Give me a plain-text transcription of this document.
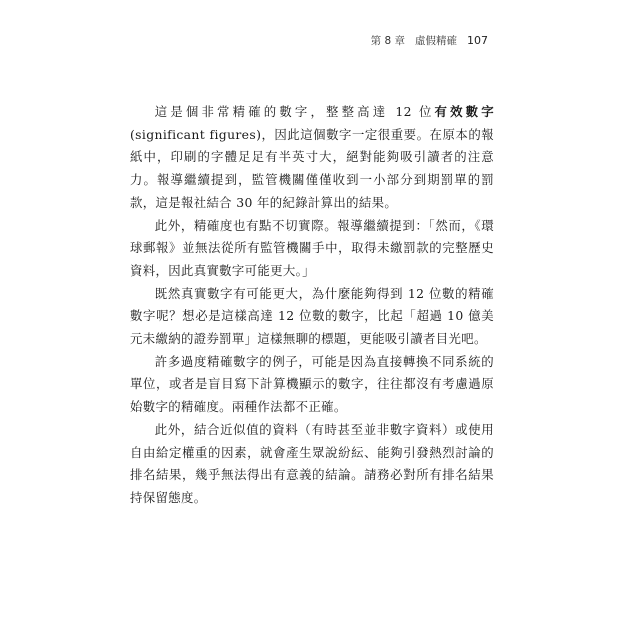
第 8 章 虛假精確 107

這是個非常精確的數字，整整高達 12 位有效數字(significant figures)，因此這個數字一定很重要。在原本的報紙中，印刷的字體足足有半英寸大，絕對能夠吸引讀者的注意力。報導繼續提到，監管機關僅僅收到一小部分到期罰單的罰款，這是報社結合 30 年的紀錄計算出的結果。

此外，精確度也有點不切實際。報導繼續提到：「然而，《環球郵報》並無法從所有監管機關手中，取得未繳罰款的完整歷史資料，因此真實數字可能更大。」

既然真實數字有可能更大，為什麼能夠得到 12 位數的精確數字呢？想必是這樣高達 12 位數的數字，比起「超過 10 億美元未繳納的證券罰單」這樣無聊的標題，更能吸引讀者目光吧。

許多過度精確數字的例子，可能是因為直接轉換不同系統的單位，或者是盲目寫下計算機顯示的數字，往往都沒有考慮過原始數字的精確度。兩種作法都不正確。

此外，結合近似值的資料（有時甚至並非數字資料）或使用自由給定權重的因素，就會產生眾說紛紜、能夠引發熱烈討論的排名結果，幾乎無法得出有意義的結論。請務必對所有排名結果持保留態度。
